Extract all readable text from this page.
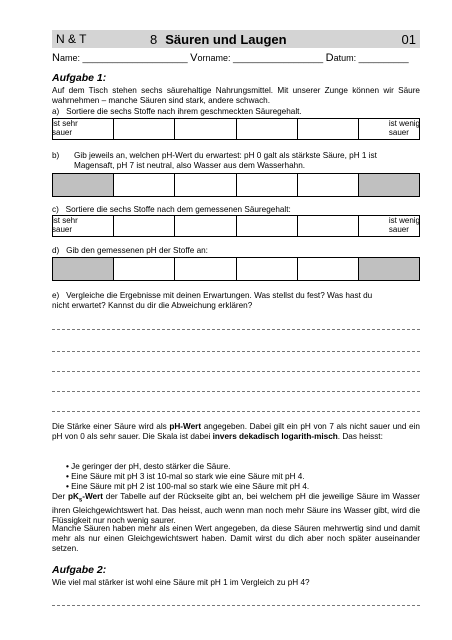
N & T	8 Säuren und Laugen	01
Name: _____________________ Vorname: __________________ Datum: __________
Aufgabe 1:
Auf dem Tisch stehen sechs säurehaltige Nahrungsmittel. Mit unserer Zunge können wir Säure wahrnehmen – manche Säuren sind stark, andere schwach.
a)   Sortiere die sechs Stoffe nach ihrem geschmeckten Säuregehalt.
ist sehr
sauer
ist wenig
sauer
b)	Gib jeweils an, welchen pH-Wert du erwartest: pH 0 galt als stärkste Säure, pH 1 ist
Magensaft, pH 7 ist neutral, also Wasser aus dem Wasserhahn.
c)   Sortiere die sechs Stoffe nach dem gemessenen Säuregehalt:
ist sehr
sauer
ist wenig
sauer
d)   Gib den gemessenen pH der Stoffe an:
e)   Vergleiche die Ergebnisse mit deinen Erwartungen. Was stellst du fest? Was hast du
nicht erwartet? Kannst du dir die Abweichung erklären?
Die Stärke einer Säure wird als pH-Wert angegeben. Dabei gilt ein pH von 7 als nicht sauer und ein pH von 0 als sehr sauer. Die Skala ist dabei invers dekadisch logarith-misch. Das heisst:
• Je geringer der pH, desto stärker die Säure.
• Eine Säure mit pH 3 ist 10-mal so stark wie eine Säure mit pH 4.
• Eine Säure mit pH 2 ist 100-mal so stark wie eine Säure mit pH 4.
Der $pK_s$-Wert der Tabelle auf der Rückseite gibt an, bei welchem pH die jeweilige Säure im Wasser ihren Gleichgewichtswert hat. Das heisst, auch wenn man noch mehr Säure ins Wasser gibt, wird die Flüssigkeit nur noch wenig saurer.
Manche Säuren haben mehr als einen Wert angegeben, da diese Säuren mehrwertig sind und damit mehr als nur einen Gleichgewichtswert haben. Damit wirst du dich aber noch später auseinander setzen.
Aufgabe 2:
Wie viel mal stärker ist wohl eine Säure mit pH 1 im Vergleich zu pH 4?
